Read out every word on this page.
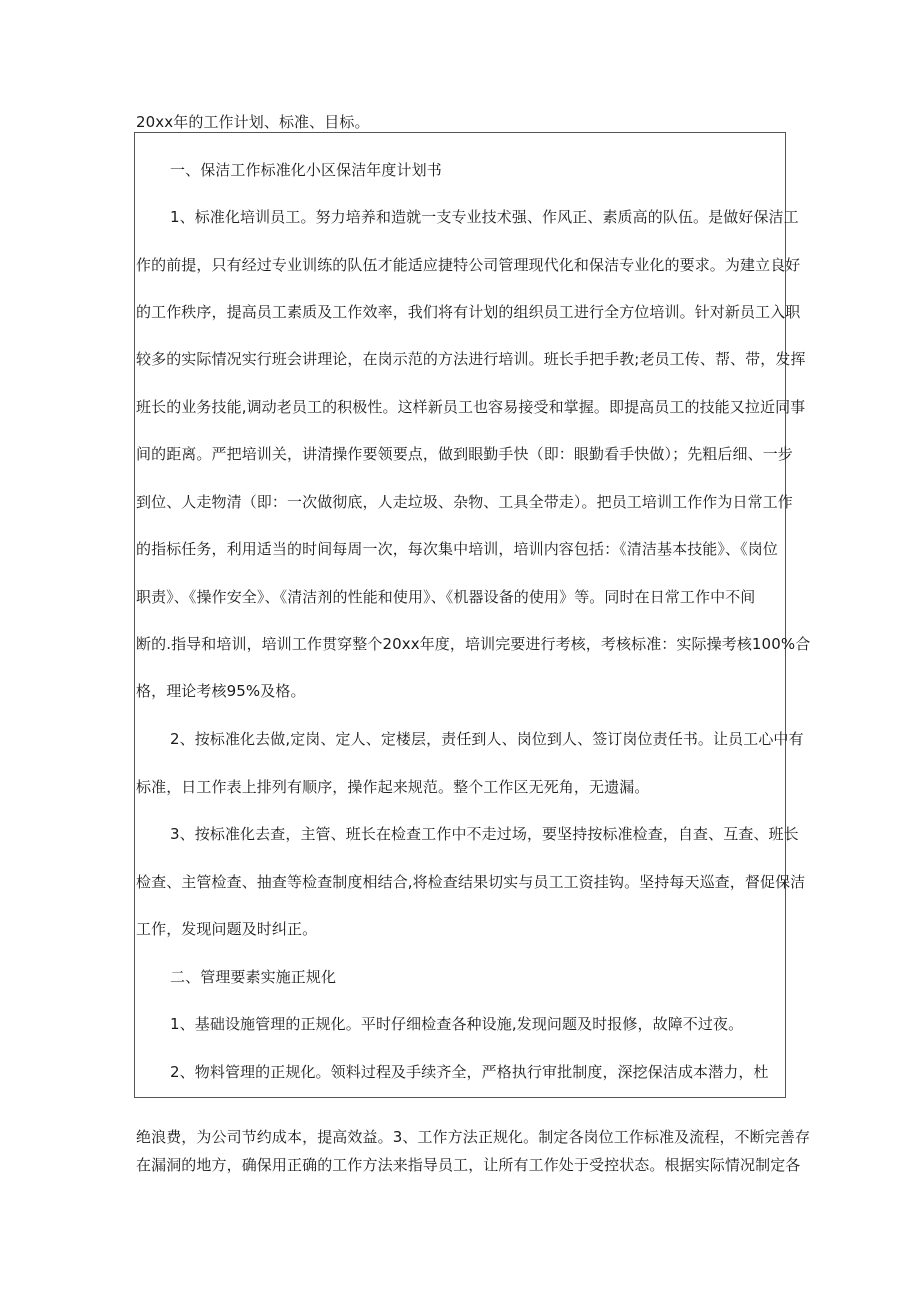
20xx年的工作计划、标准、目标。
一、保洁工作标准化小区保洁年度计划书
1、标准化培训员工。努力培养和造就一支专业技术强、作风正、素质高的队伍。是做好保洁工
作的前提，只有经过专业训练的队伍才能适应捷特公司管理现代化和保洁专业化的要求。为建立良好
的工作秩序，提高员工素质及工作效率，我们将有计划的组织员工进行全方位培训。针对新员工入职
较多的实际情况实行班会讲理论，在岗示范的方法进行培训。班长手把手教;老员工传、帮、带，发挥
班长的业务技能,调动老员工的积极性。这样新员工也容易接受和掌握。即提高员工的技能又拉近同事
间的距离。严把培训关，讲清操作要领要点，做到眼勤手快（即：眼勤看手快做）；先粗后细、一步
到位、人走物清（即：一次做彻底，人走垃圾、杂物、工具全带走）。把员工培训工作作为日常工作
的指标任务，利用适当的时间每周一次，每次集中培训，培训内容包括：《清洁基本技能》、《岗位
职责》、《操作安全》、《清洁剂的性能和使用》、《机器设备的使用》等。同时在日常工作中不间
断的.指导和培训，培训工作贯穿整个20xx年度，培训完要进行考核，考核标准：实际操考核100%合
格，理论考核95%及格。
2、按标准化去做,定岗、定人、定楼层，责任到人、岗位到人、签订岗位责任书。让员工心中有
标准，日工作表上排列有顺序，操作起来规范。整个工作区无死角，无遗漏。
3、按标准化去查，主管、班长在检查工作中不走过场，要坚持按标准检查，自查、互查、班长
检查、主管检查、抽查等检查制度相结合,将检查结果切实与员工工资挂钩。坚持每天巡查，督促保洁
工作，发现问题及时纠正。
二、管理要素实施正规化
1、基础设施管理的正规化。平时仔细检查各种设施,发现问题及时报修，故障不过夜。
2、物料管理的正规化。领料过程及手续齐全，严格执行审批制度，深挖保洁成本潜力，杜
绝浪费，为公司节约成本，提高效益。3、工作方法正规化。制定各岗位工作标准及流程，不断完善存
在漏洞的地方，确保用正确的工作方法来指导员工，让所有工作处于受控状态。根据实际情况制定各
